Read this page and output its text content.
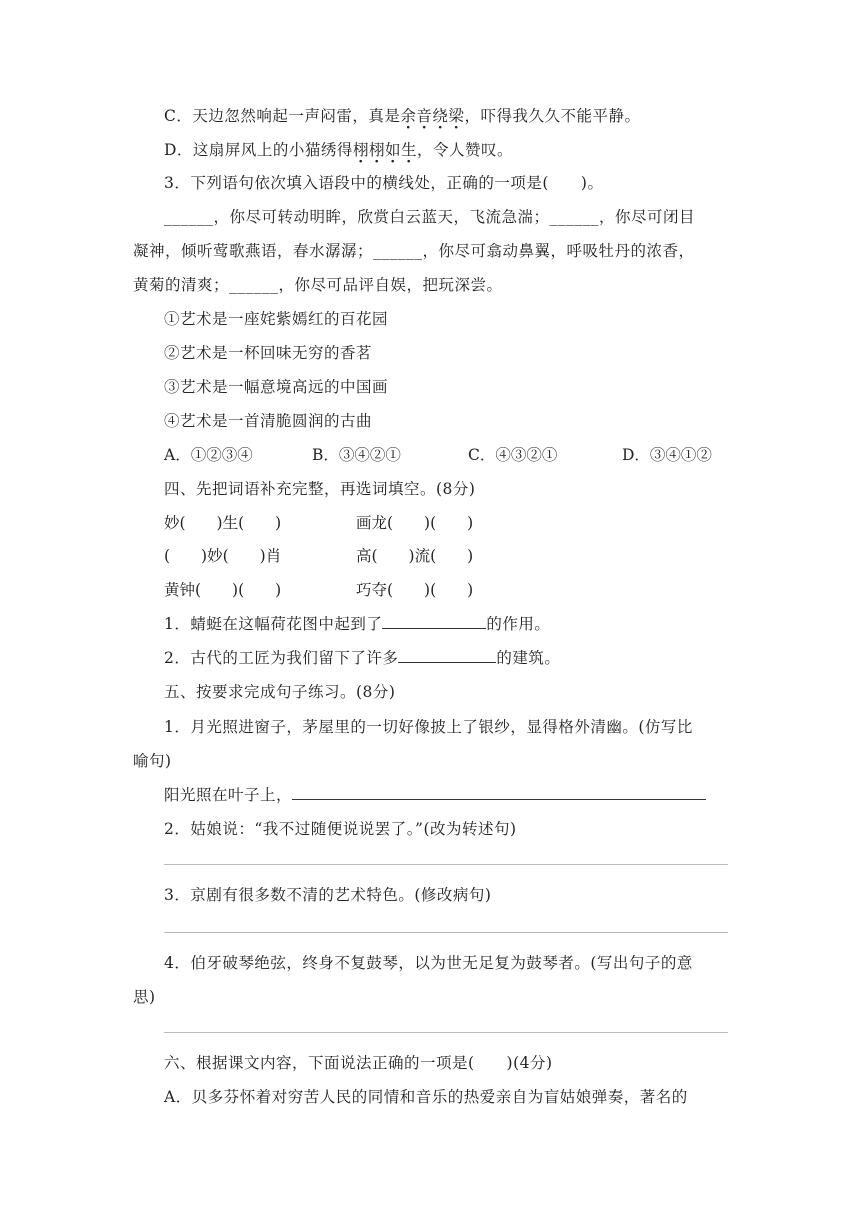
C．天边忽然响起一声闷雷，真是余音绕梁，吓得我久久不能平静。
D．这扇屏风上的小猫绣得栩栩如生，令人赞叹。
3．下列语句依次填入语段中的横线处，正确的一项是(　　)。
______，你尽可转动明眸，欣赏白云蓝天，飞流急湍；______，你尽可闭目
凝神，倾听莺歌燕语，春水潺潺；______，你尽可翕动鼻翼，呼吸牡丹的浓香，
黄菊的清爽；______，你尽可品评自娱，把玩深尝。
①艺术是一座姹紫嫣红的百花园
②艺术是一杯回味无穷的香茗
③艺术是一幅意境高远的中国画
④艺术是一首清脆圆润的古曲
A．①②③④	B．③④②①	C．④③②①	D．③④①②
四、先把词语补充完整，再选词填空。(8分)
妙(　　)生(　　)	画龙(　　)(　　)
(　　)妙(　　)肖	高(　　)流(　　)
黄钟(　　)(　　)	巧夺(　　)(　　)
1．蜻蜓在这幅荷花图中起到了	的作用。
2．古代的工匠为我们留下了许多	的建筑。
五、按要求完成句子练习。(8分)
1．月光照进窗子，茅屋里的一切好像披上了银纱，显得格外清幽。(仿写比
喻句)
阳光照在叶子上，
2．姑娘说：“我不过随便说说罢了。”(改为转述句)
3．京剧有很多数不清的艺术特色。(修改病句)
4．伯牙破琴绝弦，终身不复鼓琴，以为世无足复为鼓琴者。(写出句子的意
思)
六、根据课文内容，下面说法正确的一项是(　　)(4分)
A．贝多芬怀着对穷苦人民的同情和音乐的热爱亲自为盲姑娘弹奏，著名的
